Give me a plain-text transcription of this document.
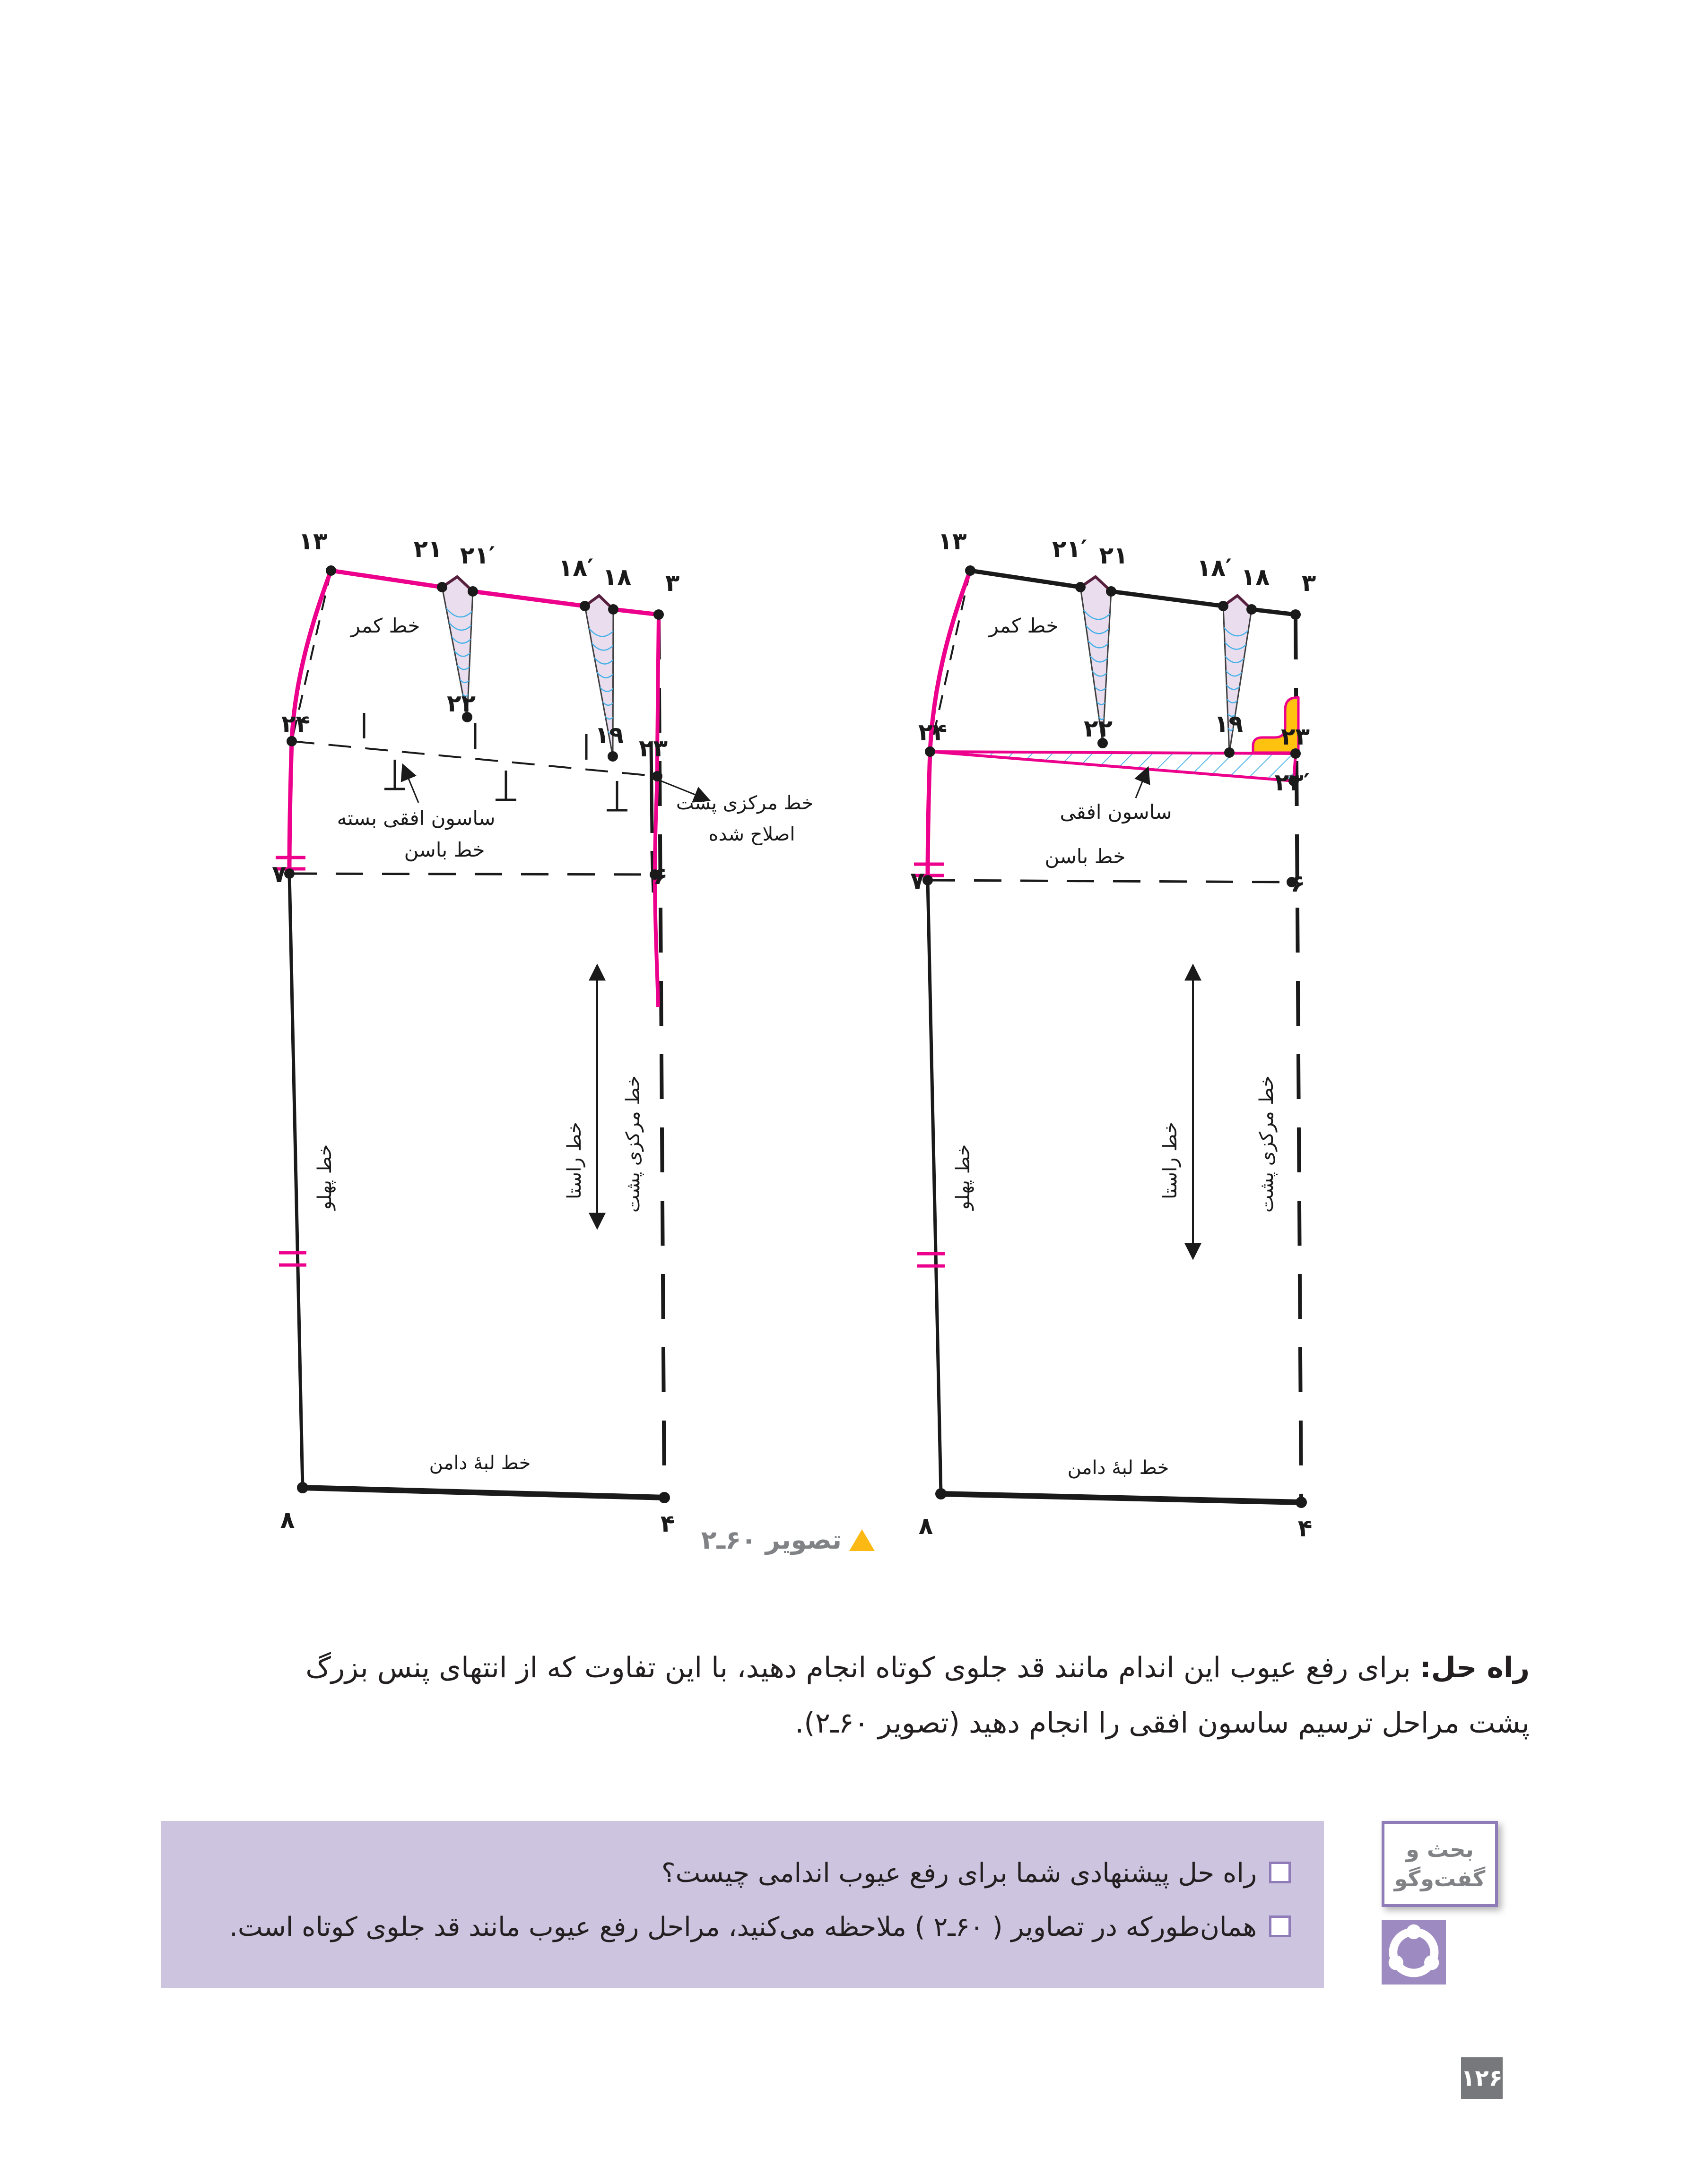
۱۳	۲۱ ۲۱′	۱۸′ ۱۸ ۳
خط کمر
۲۲
۱۹
۲۴
۲۳
۷	۶
۸	۴
ساسون افقی بسته
خط مرکزی پشت
اصلاح شده
خط باسن
خط پهلو	خط راستا خط مرکزی پشت
خط لبهٔ دامن
۱۳	۲۱′ ۲۱	۱۸′ ۱۸ ۳
خط کمر
۲۲	۱۹
۲۴	۲۳
۲۳′
۷	۶
۸	۴
ساسون افقی
خط باسن
خط پهلو	خط راستا	خط مرکزی پشت
خط لبهٔ دامن
تصویر ۶۰ـ۲
راه حل: برای رفع عیوب این اندام مانند قد جلوی کوتاه انجام دهید، با این تفاوت که از انتهای پنس بزرگ
پشت مراحل ترسیم ساسون افقی را انجام دهید (تصویر ۶۰ـ۲).
راه حل پیشنهادی شما برای رفع عیوب اندامی چیست؟
همان‌طورکه در تصاویر ( ۶۰ـ۲ ) ملاحظه می‌کنید، مراحل رفع عیوب مانند قد جلوی کوتاه است.
بحث و
گفت‌وگو
۱۲۶
